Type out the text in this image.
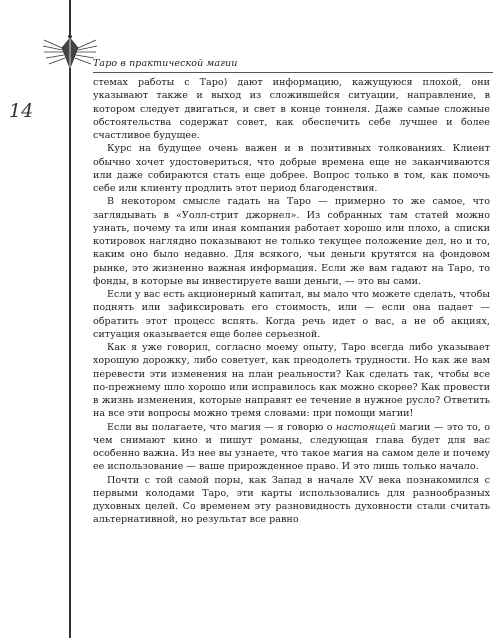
Таро в практической магии
14

стемах работы с Таро) дают информацию, кажущуюся плохой, они указывают также и выход из сложившейся ситуации, направление, в котором следует двигаться, и свет в конце тоннеля. Даже самые сложные обстоятельства содержат совет, как обеспечить себе лучшее и более счастливое будущее.

Курс на будущее очень важен и в позитивных толкованиях. Клиент обычно хочет удостовериться, что добрые времена еще не заканчиваются или даже собираются стать еще добрее. Вопрос только в том, как помочь себе или клиенту продлить этот период благоденствия.

В некотором смысле гадать на Таро — примерно то же самое, что заглядывать в «Уолл-стрит джорнел». Из собранных там статей можно узнать, почему та или иная компания работает хорошо или плохо, а списки котировок наглядно показывают не только текущее положение дел, но и то, каким оно было недавно. Для всякого, чьи деньги крутятся на фондовом рынке, это жизненно важная информация. Если же вам гадают на Таро, то фонды, в которые вы инвестируете ваши деньги, — это вы сами.

Если у вас есть акционерный капитал, вы мало что можете сделать, чтобы поднять или зафиксировать его стоимость, или — если она падает — обратить этот процесс вспять. Когда речь идет о вас, а не об акциях, ситуация оказывается еще более серьезной.

Как я уже говорил, согласно моему опыту, Таро всегда либо указывает хорошую дорожку, либо советует, как преодолеть трудности. Но как же вам перевести эти изменения на план реальности? Как сделать так, чтобы все по-прежнему шло хорошо или исправилось как можно скорее? Как провести в жизнь изменения, которые направят ее течение в нужное русло? Ответить на все эти вопросы можно тремя словами: при помощи магии!

Если вы полагаете, что магия — я говорю о настоящей магии — это то, о чем снимают кино и пишут романы, следующая глава будет для вас особенно важна. Из нее вы узнаете, что такое магия на самом деле и почему ее использование — ваше прирожденное право. И это лишь только начало.

Почти с той самой поры, как Запад в начале XV века познакомился с первыми колодами Таро, эти карты использовались для разнообразных духовных целей. Со временем эту разновидность духовности стали считать альтернативной, но результат все равно
